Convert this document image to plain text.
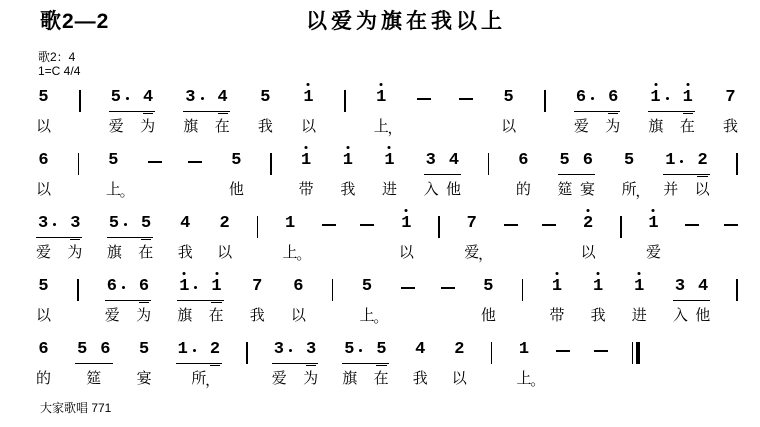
歌2—2	以爱为旗在我以上
歌2：4
1=C 4/4
5
以
5 4
爱 为
3 4
旗 在
5
我
1
以
1
上
，
5
以
6 6
爱 为
1 1
旗 在
7
我
6
以
5
上
。
5
他
1
带
1
我
1
进
3 4
入 他
6
的
5 6
筵 宴
5
所
，
1 2
并 以
3 3
爱 为
5 5
旗 在
4
我
2
以
1
上
。
1
以
7
爱
，
2
以
1
爱
5
以
6 6
爱 为
1 1
旗 在
7
我
6
以
5
上
。
5
他
1
带
1
我
1
进
3 4
入 他
6
的
5 6
筵
5
宴
1 2
所
，
3 3
爱 为
5 5
旗 在
4
我
2
以
1
上
。
大家歌唱 771
